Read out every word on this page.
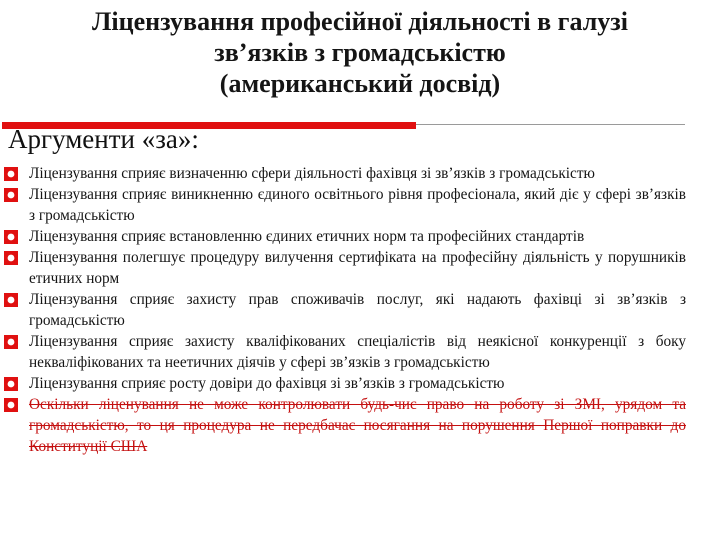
Ліцензування професійної діяльності в галузі
зв’язків з громадськістю
(американський досвід)
Аргументи «за»:
Ліцензування сприяє визначенню сфери діяльності фахівця зі зв’язків з громадськістю
Ліцензування сприяє виникненню єдиного освітнього рівня професіонала, який діє у сфері зв’язків з громадськістю
Ліцензування сприяє встановленню єдиних етичних норм та професійних стандартів
Ліцензування полегшує процедуру вилучення сертифіката на професійну діяльність у порушників етичних норм
Ліцензування сприяє захисту прав споживачів послуг, які надають фахівці зі зв’язків з громадськістю
Ліцензування сприяє захисту кваліфікованих спеціалістів від неякісної конкуренції з боку некваліфікованих та неетичних діячів у сфері зв’язків з громадськістю
Ліцензування сприяє росту довіри до фахівця зі зв’язків з громадськістю
Оскільки ліценування не може контролювати будь-чиє право на роботу зі ЗМІ, урядом та громадськістю, то ця процедура не передбачає посягання на порушення Першої поправки до Конституції США
